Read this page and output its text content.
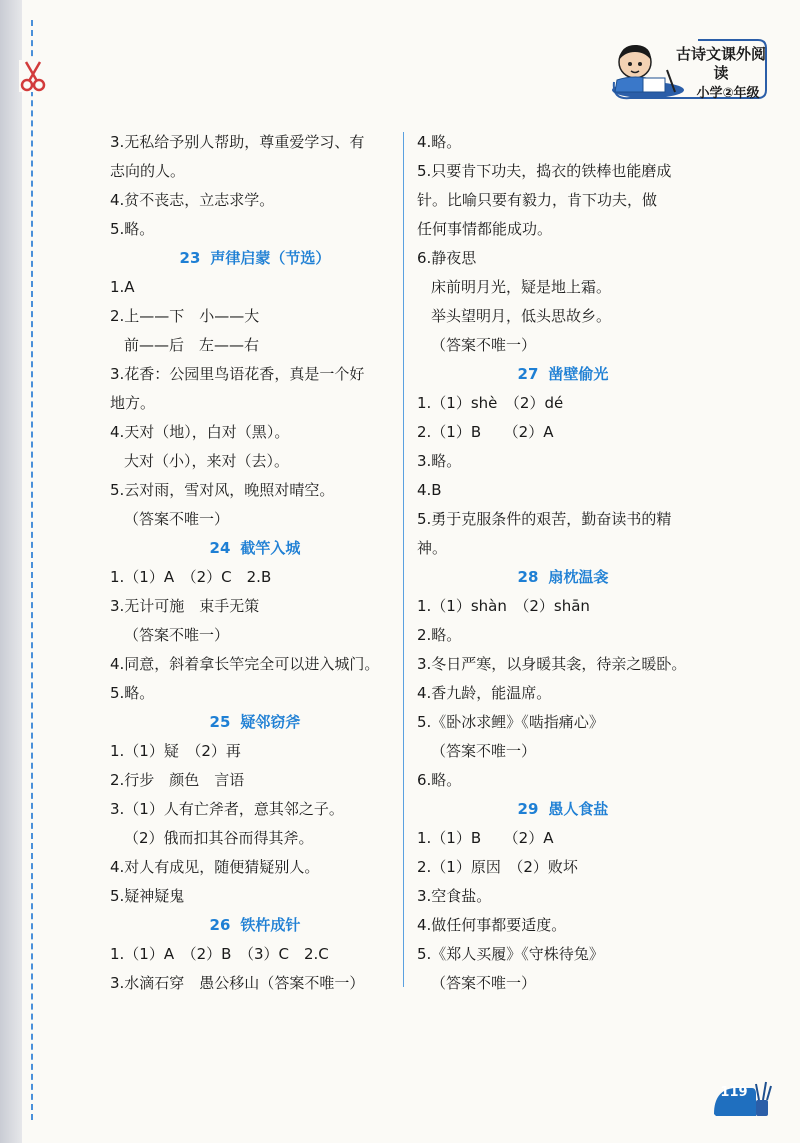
古诗文课外阅读
小学②年级
3.无私给予别人帮助，尊重爱学习、有
志向的人。
4.贫不丧志，立志求学。
5.略。
23 声律启蒙（节选）
1.A
2.上——下　小——大
前——后　左——右
3.花香：公园里鸟语花香，真是一个好
地方。
4.天对（地），白对（黑）。
大对（小），来对（去）。
5.云对雨，雪对风，晚照对晴空。
（答案不唯一）
24 截竿入城
1.（1）A　（2）C　2.B
3.无计可施　束手无策
（答案不唯一）
4.同意，斜着拿长竿完全可以进入城门。
5.略。
25 疑邻窃斧
1.（1）疑　（2）再
2.行步　颜色　言语
3.（1）人有亡斧者，意其邻之子。
（2）俄而扣其谷而得其斧。
4.对人有成见，随便猜疑别人。
5.疑神疑鬼
26 铁杵成针
1.（1）A　（2）B　（3）C　2.C
3.水滴石穿　愚公移山（答案不唯一）
4.略。
5.只要肯下功夫，捣衣的铁棒也能磨成
针。比喻只要有毅力，肯下功夫，做
任何事情都能成功。
6.静夜思
床前明月光，疑是地上霜。
举头望明月，低头思故乡。
（答案不唯一）
27 凿壁偷光
1.（1）shè　（2）dé
2.（1）B　　（2）A
3.略。
4.B
5.勇于克服条件的艰苦，勤奋读书的精
神。
28 扇枕温衾
1.（1）shàn　（2）shān
2.略。
3.冬日严寒，以身暖其衾，待亲之暖卧。
4.香九龄，能温席。
5.《卧冰求鲤》《啮指痛心》
（答案不唯一）
6.略。
29 愚人食盐
1.（1）B　　（2）A
2.（1）原因　（2）败坏
3.空食盐。
4.做任何事都要适度。
5.《郑人买履》《守株待兔》
（答案不唯一）
119
